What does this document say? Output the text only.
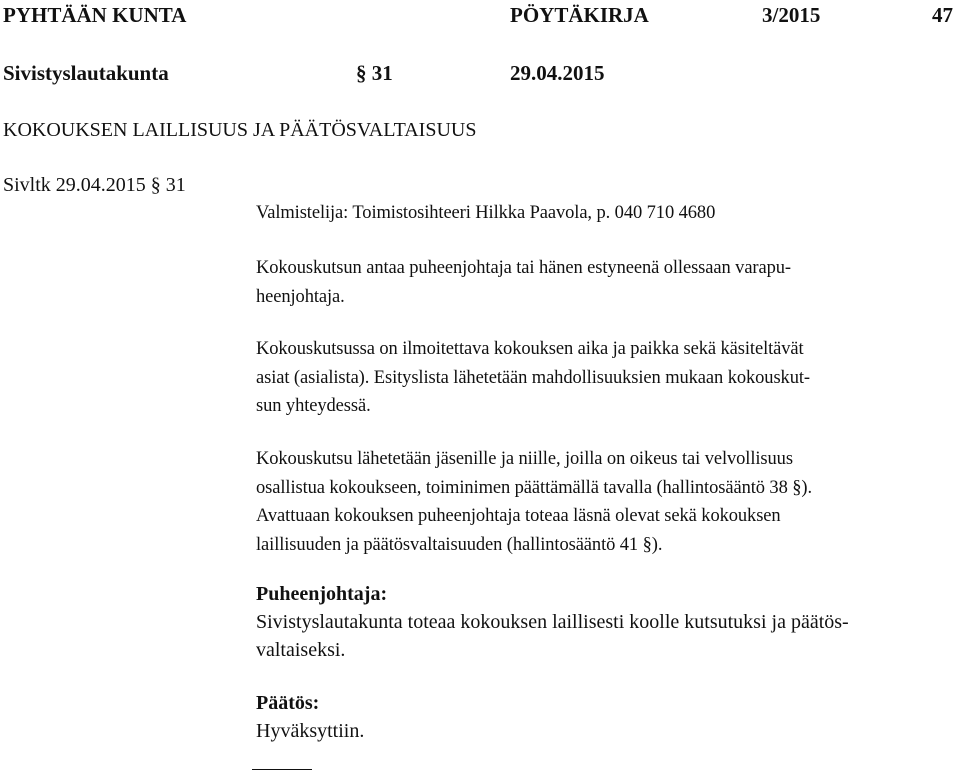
PYHTÄÄN KUNTA	PÖYTÄKIRJA	3/2015	47
Sivistyslautakunta	§ 31	29.04.2015
KOKOUKSEN LAILLISUUS JA PÄÄTÖSVALTAISUUS
Sivltk 29.04.2015 § 31
Valmistelija: Toimistosihteeri Hilkka Paavola, p. 040 710 4680
Kokouskutsun antaa puheenjohtaja tai hänen estyneenä ollessaan varapu-
heenjohtaja.
Kokouskutsussa on ilmoitettava kokouksen aika ja paikka sekä käsiteltävät
asiat (asialista). Esityslista lähetetään mahdollisuuksien mukaan kokouskut-
sun yhteydessä.
Kokouskutsu lähetetään jäsenille ja niille, joilla on oikeus tai velvollisuus
osallistua kokoukseen, toiminimen päättämällä tavalla (hallintosääntö 38 §).
Avattuaan kokouksen puheenjohtaja toteaa läsnä olevat sekä kokouksen
laillisuuden ja päätösvaltaisuuden (hallintosääntö 41 §).
Puheenjohtaja:
Sivistyslautakunta toteaa kokouksen laillisesti koolle kutsutuksi ja päätös-
valtaiseksi.
Päätös:
Hyväksyttiin.
